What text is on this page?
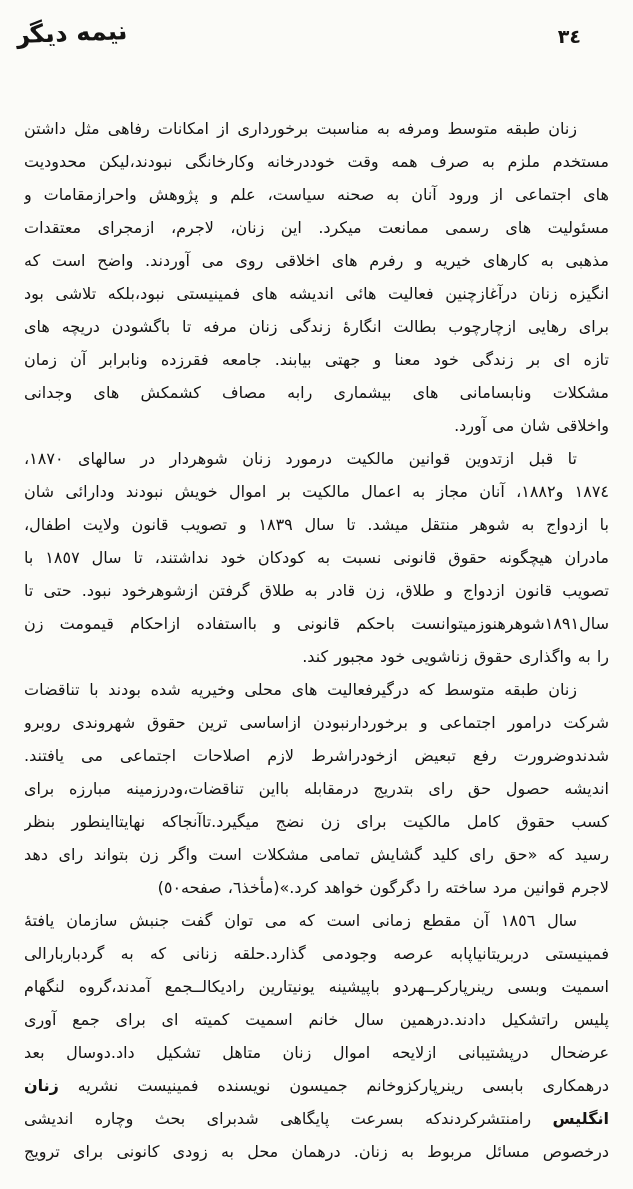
٣٤
نیمه دیگر
زنان طبقه متوسط ومرفه به مناسبت برخورداری از امکانات رفاهی مثل داشتن
مستخدم ملزم به صرف همه وقت خوددرخانه وکارخانگی نبودند،لیکن محدودیت
های اجتماعی از ورود آنان به صحنه سیاست، علم و پژوهش واحرازمقامات و
مسئولیت های رسمی ممانعت میکرد. این زنان، لاجرم، ازمجرای معتقدات
مذهبی به کارهای خیریه و رفرم های اخلاقی روی می آوردند. واضح است که
انگیزه زنان درآغازچنین فعالیت هائی اندیشه های فمینیستی نبود،بلکه تلاشی بود
برای رهایی ازچارچوب بطالت انگارهٔ زندگی زنان مرفه تا باگشودن دریچه های
تازه ای بر زندگی خود معنا و جهتی بیابند. جامعه فقرزده ونابرابر آن زمان
مشکلات ونابسامانی های بیشماری رابه مصاف کشمکش های وجدانی
واخلاقی شان می آورد.
تا قبل ازتدوین قوانین مالکیت درمورد زنان شوهردار در سالهای ١٨٧٠،
١٨٧٤ و١٨٨٢، آنان مجاز به اعمال مالکیت بر اموال خویش نبودند ودارائی شان
با ازدواج به شوهر منتقل میشد. تا سال ١٨٣٩ و تصویب قانون ولایت اطفال،
مادران هیچگونه حقوق قانونی نسبت به کودکان خود نداشتند، تا سال ١٨٥٧ با
تصویب قانون ازدواج و طلاق، زن قادر به طلاق گرفتن ازشوهرخود نبود. حتی تا
سال١٨٩١شوهرهنوزمیتوانست باحکم قانونی و بااستفاده ازاحکام قیمومت زن
را به واگذاری حقوق زناشویی خود مجبور کند.
زنان طبقه متوسط که درگیرفعالیت های محلی وخیریه شده بودند با تناقضات
شرکت درامور اجتماعی و برخوردارنبودن ازاساسی ترین حقوق شهروندی روبرو
شدندوضرورت رفع تبعیض ازخودراشرط لازم اصلاحات اجتماعی می یافتند.
اندیشه حصول حق رای بتدریج درمقابله بااین تناقضات،ودرزمینه مبارزه برای
کسب حقوق کامل مالکیت برای زن نضج میگیرد.تاآنجاکه نهایتااینطور بنظر
رسید که «حق رای کلید گشایش تمامی مشکلات است واگر زن بتواند رای دهد
لاجرم قوانین مرد ساخته را دگرگون خواهد کرد.»(مأخذ٦، صفحه٥٠)
سال ١٨٥٦ آن مقطع زمانی است که می توان گفت جنبش سازمان یافتهٔ
فمینیستی دربریتانیاپابه عرصه وجودمی گذارد.حلقه زنانی که به گردباربارالی
اسمیت وبسی رینرپارکرــهردو باپیشینه یونیتارین رادیکالــجمع آمدند،گروه لنگهام
پلیس راتشکیل دادند.درهمین سال خانم اسمیت کمیته ای برای جمع آوری
عرضحال درپشتیبانی ازلایحه اموال زنان متاهل تشکیل داد.دوسال بعد
درهمکاری بابسی رینرپارکزوخانم جمیسون نویسنده فمینیست نشریه زنان
انگلیس رامنتشرکردندکه بسرعت پایگاهی شدبرای بحث وچاره اندیشی
درخصوص مسائل مربوط به زنان. درهمان محل به زودی کانونی برای ترویج
